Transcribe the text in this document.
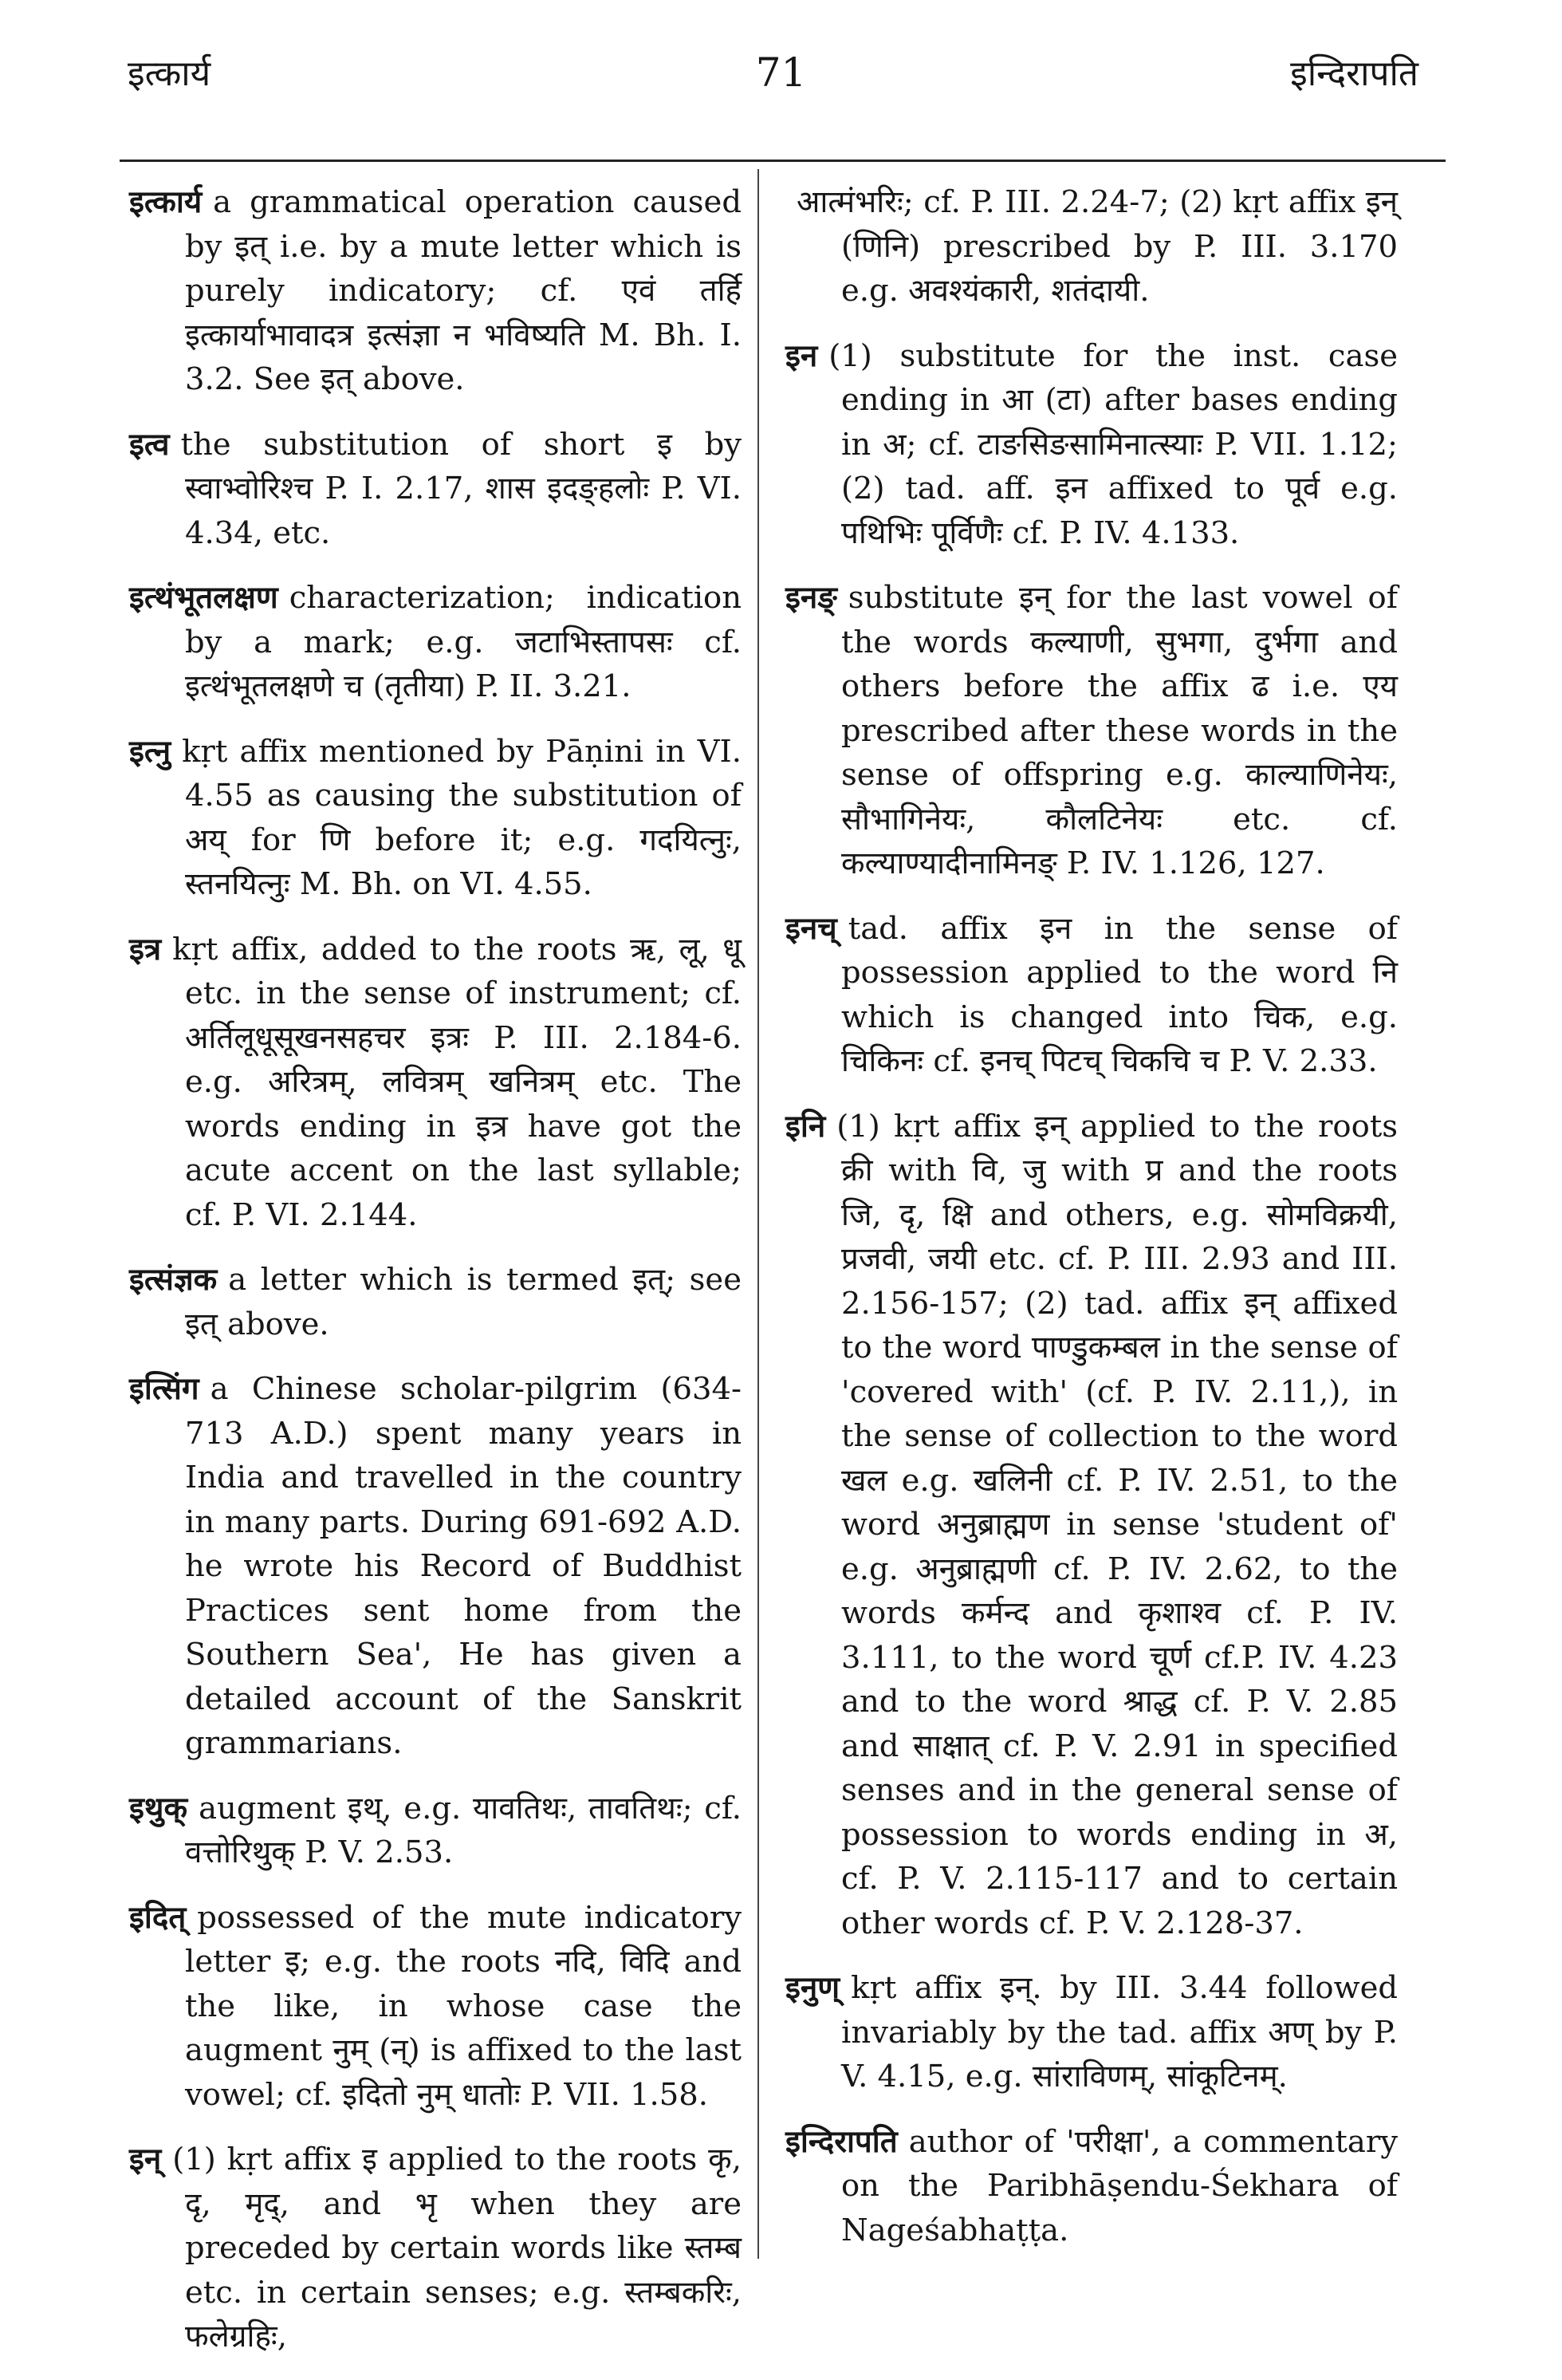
इत्कार्य	71	इन्दिरापति

इत्कार्य a grammatical operation caused by इत् i.e. by a mute letter which is purely indicatory; cf. एवं तर्हि इत्कार्याभावादत्र इत्संज्ञा न भविष्यति M. Bh. I. 3.2. See इत् above.

इत्व the substitution of short इ by स्वाभ्वोरिश्च P. I. 2.17, शास इदङ्हलोः P. VI. 4.34, etc.

इत्थंभूतलक्षण characterization; indication by a mark; e.g. जटाभिस्तापसः cf. इत्थंभूतलक्षणे च (तृतीया) P. II. 3.21.

इत्नु kṛt affix mentioned by Pāṇini in VI. 4.55 as causing the substitution of अय् for णि before it; e.g. गदयित्नुः, स्तनयित्नुः M. Bh. on VI. 4.55.

इत्र kṛt affix, added to the roots ऋ, लू, धू etc. in the sense of instrument; cf. अर्तिलूधूसूखनसहचर इत्रः P. III. 2.184-6. e.g. अरित्रम्, लवित्रम् खनित्रम् etc. The words ending in इत्र have got the acute accent on the last syllable; cf. P. VI. 2.144.

इत्संज्ञक a letter which is termed इत्; see इत् above.

इत्सिंग a Chinese scholar-pilgrim (634-713 A.D.) spent many years in India and travelled in the country in many parts. During 691-692 A.D. he wrote his Record of Buddhist Practices sent home from the Southern Sea', He has given a detailed account of the Sanskrit grammarians.

इथुक् augment इथ्, e.g. यावतिथः, तावतिथः; cf. वत्तोरिथुक् P. V. 2.53.

इदित् possessed of the mute indicatory letter इ; e.g. the roots नदि, विदि and the like, in whose case the augment नुम् (न्) is affixed to the last vowel; cf. इदितो नुम् धातोः P. VII. 1.58.

इन् (1) kṛt affix इ applied to the roots कृ, दृ, मृद्, and भृ when they are preceded by certain words like स्तम्ब etc. in certain senses; e.g. स्तम्बकरिः, फलेग्रहिः,

आत्मंभरिः; cf. P. III. 2.24-7; (2) kṛt affix इन् (णिनि) prescribed by P. III. 3.170 e.g. अवश्यंकारी, शतंदायी.

इन (1) substitute for the inst. case ending in आ (टा) after bases ending in अ; cf. टाङसिङसामिनात्स्याः P. VII. 1.12; (2) tad. aff. इन affixed to पूर्व e.g. पथिभिः पूर्विणैः cf. P. IV. 4.133.

इनङ् substitute इन् for the last vowel of the words कल्याणी, सुभगा, दुर्भगा and others before the affix ढ i.e. एय prescribed after these words in the sense of offspring e.g. काल्याणिनेयः, सौभागिनेयः, कौलटिनेयः etc. cf. कल्याण्यादीनामिनङ् P. IV. 1.126, 127.

इनच् tad. affix इन in the sense of possession applied to the word नि which is changed into चिक, e.g. चिकिनः cf. इनच् पिटच् चिकचि च P. V. 2.33.

इनि (1) kṛt affix इन् applied to the roots क्री with वि, जु with प्र and the roots जि, दृ, क्षि and others, e.g. सोमविक्रयी, प्रजवी, जयी etc. cf. P. III. 2.93 and III. 2.156-157; (2) tad. affix इन् affixed to the word पाण्डुकम्बल in the sense of 'covered with' (cf. P. IV. 2.11,), in the sense of collection to the word खल e.g. खलिनी cf. P. IV. 2.51, to the word अनुब्राह्मण in sense 'student of' e.g. अनुब्राह्मणी cf. P. IV. 2.62, to the words कर्मन्द and कृशाश्व cf. P. IV. 3.111, to the word चूर्ण cf.P. IV. 4.23 and to the word श्राद्ध cf. P. V. 2.85 and साक्षात् cf. P. V. 2.91 in specified senses and in the general sense of possession to words ending in अ, cf. P. V. 2.115-117 and to certain other words cf. P. V. 2.128-37.

इनुण् kṛt affix इन्. by III. 3.44 followed invariably by the tad. affix अण् by P. V. 4.15, e.g. सांराविणम्, सांकूटिनम्.

इन्दिरापति author of 'परीक्षा', a commentary on the Paribhāṣendu-Śekhara of Nageśabhaṭṭa.
